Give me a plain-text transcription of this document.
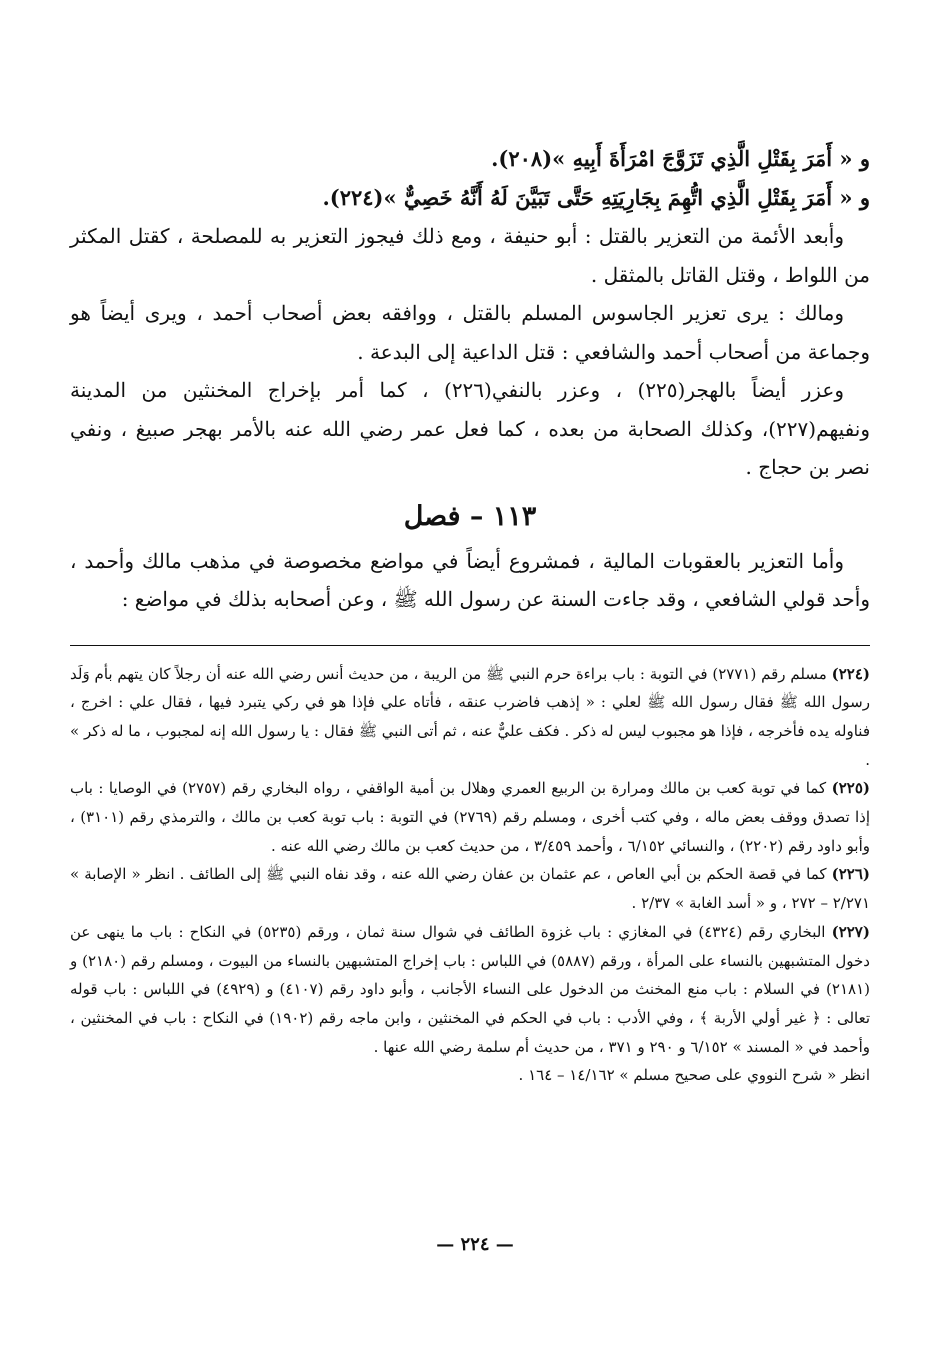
و « أَمَرَ بِقَتْلِ الَّذِي تَزَوَّجَ امْرَأَةَ أَبِيهِ »(٢٠٨).

و « أَمَرَ بِقَتْلِ الَّذِي اتُّهِمَ بِجَارِيَتِهِ حَتَّى تَبَيَّنَ لَهُ أَنَّهُ خَصِيٌّ »(٢٢٤).

وأبعد الأئمة من التعزير بالقتل : أبو حنيفة ، ومع ذلك فيجوز التعزير به للمصلحة ، كقتل المكثر من اللواط ، وقتل القاتل بالمثقل .

ومالك : يرى تعزير الجاسوس المسلم بالقتل ، ووافقه بعض أصحاب أحمد ، ويرى أيضاً هو وجماعة من أصحاب أحمد والشافعي : قتل الداعية إلى البدعة .

وعزر أيضاً بالهجر(٢٢٥) ، وعزر بالنفي(٢٢٦) ، كما أمر بإخراج المخنثين من المدينة ونفيهم(٢٢٧)، وكذلك الصحابة من بعده ، كما فعل عمر رضي الله عنه بالأمر بهجر صبيغ ، ونفي نصر بن حجاج .

١١٣ – فصل

وأما التعزير بالعقوبات المالية ، فمشروع أيضاً في مواضع مخصوصة في مذهب مالك وأحمد ، وأحد قولي الشافعي ، وقد جاءت السنة عن رسول الله ﷺ ، وعن أصحابه بذلك في مواضع :

(٢٢٤) مسلم رقم (٢٧٧١) في التوبة : باب براءة حرم النبي ﷺ من الريبة ، من حديث أنس رضي الله عنه أن رجلاً كان يتهم بأم وَلَد رسول الله ﷺ فقال رسول الله ﷺ لعلي : « إذهب فاضرب عنقه ، فأتاه علي فإذا هو في ركي يتبرد فيها ، فقال علي : اخرج ، فناوله يده فأخرجه ، فإذا هو مجبوب ليس له ذكر . فكف عليٌّ عنه ، ثم أتى النبي ﷺ فقال : يا رسول الله إنه لمجبوب ، ما له ذكر » .

(٢٢٥) كما في توبة كعب بن مالك ومرارة بن الربيع العمري وهلال بن أمية الواقفي ، رواه البخاري رقم (٢٧٥٧) في الوصايا : باب إذا تصدق ووقف بعض ماله ، وفي كتب أخرى ، ومسلم رقم (٢٧٦٩) في التوبة : باب توبة كعب بن مالك ، والترمذي رقم (٣١٠١) ، وأبو داود رقم (٢٢٠٢) ، والنسائي ٦/١٥٢ ، وأحمد ٣/٤٥٩ ، من حديث كعب بن مالك رضي الله عنه .

(٢٢٦) كما في قصة الحكم بن أبي العاص ، عم عثمان بن عفان رضي الله عنه ، وقد نفاه النبي ﷺ إلى الطائف . انظر « الإصابة » ٢/٢٧١ – ٢٧٢ ، و « أسد الغابة » ٢/٣٧ .

(٢٢٧) البخاري رقم (٤٣٢٤) في المغازي : باب غزوة الطائف في شوال سنة ثمان ، ورقم (٥٢٣٥) في النكاح : باب ما ينهى عن دخول المتشبهين بالنساء على المرأة ، ورقم (٥٨٨٧) في اللباس : باب إخراج المتشبهين بالنساء من البيوت ، ومسلم رقم (٢١٨٠) و (٢١٨١) في السلام : باب منع المخنث من الدخول على النساء الأجانب ، وأبو داود رقم (٤١٠٧) و (٤٩٢٩) في اللباس : باب قوله تعالى : ﴿ غير أولي الأربة ﴾ ، وفي الأدب : باب في الحكم في المخنثين ، وابن ماجه رقم (١٩٠٢) في النكاح : باب في المخنثين ، وأحمد في « المسند » ٦/١٥٢ و ٢٩٠ و ٣٧١ ، من حديث أم سلمة رضي الله عنها .

انظر « شرح النووي على صحيح مسلم » ١٤/١٦٢ – ١٦٤ .

— ٢٢٤ —
